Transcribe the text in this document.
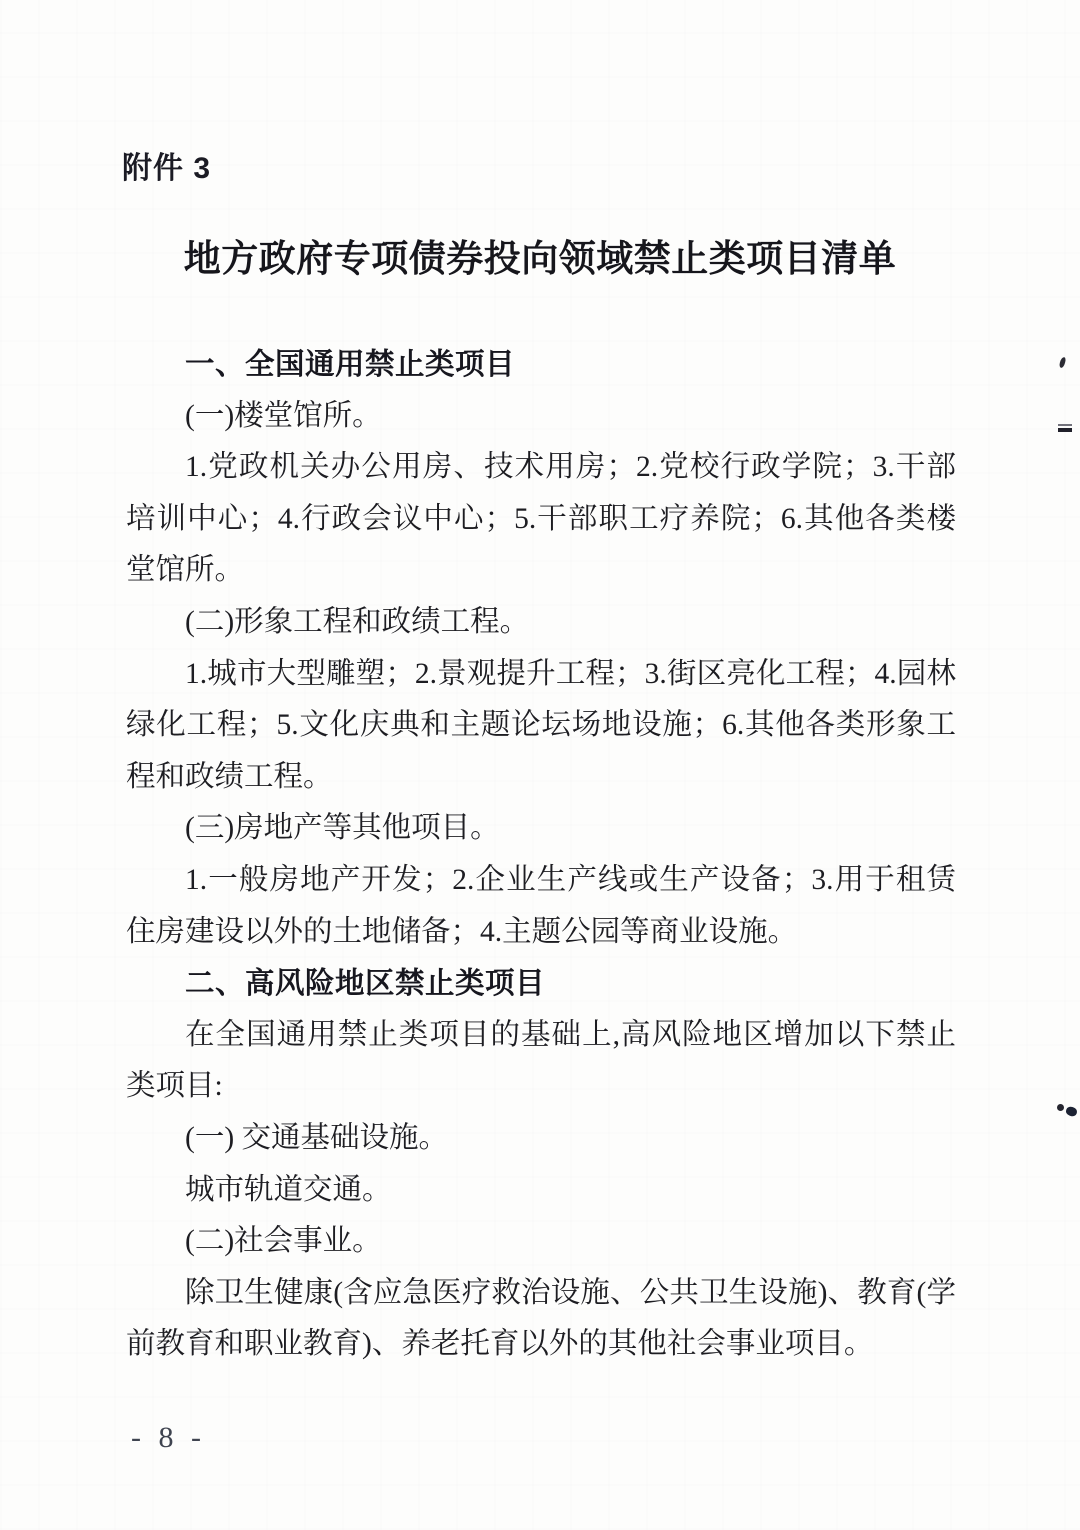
附件 3
地方政府专项债券投向领域禁止类项目清单
一、全国通用禁止类项目
(一)楼堂馆所。
1.党政机关办公用房、技术用房；2.党校行政学院；3.干部
培训中心；4.行政会议中心；5.干部职工疗养院；6.其他各类楼
堂馆所。
(二)形象工程和政绩工程。
1.城市大型雕塑；2.景观提升工程；3.街区亮化工程；4.园林
绿化工程；5.文化庆典和主题论坛场地设施；6.其他各类形象工
程和政绩工程。
(三)房地产等其他项目。
1.一般房地产开发；2.企业生产线或生产设备；3.用于租赁
住房建设以外的土地储备；4.主题公园等商业设施。
二、高风险地区禁止类项目
在全国通用禁止类项目的基础上,高风险地区增加以下禁止
类项目:
(一) 交通基础设施。
城市轨道交通。
(二)社会事业。
除卫生健康(含应急医疗救治设施、公共卫生设施)、教育(学
前教育和职业教育)、养老托育以外的其他社会事业项目。
- 8 -
